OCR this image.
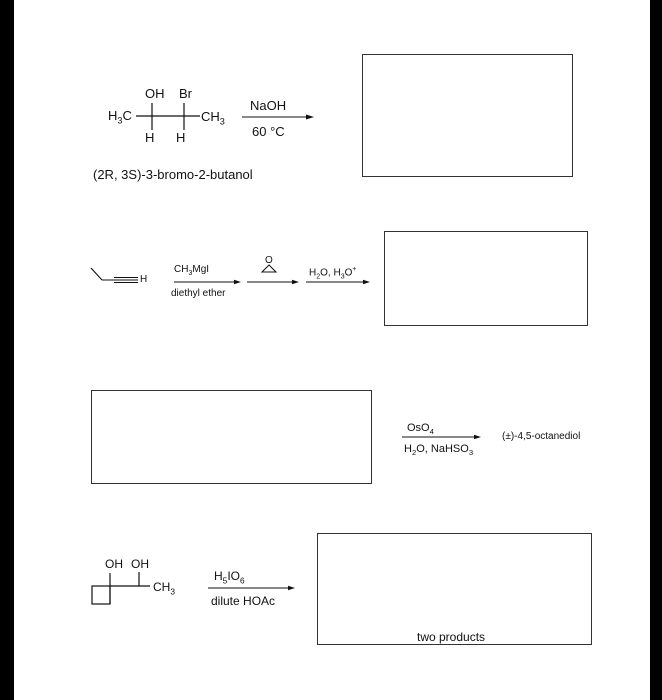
OH Br
$H_3C$	$CH_3$
H H
NaOH
60 °C
(2R, 3S)-3-bromo-2-butanol
H
$CH_3MgI$
diethyl ether
O
$H_2O$, $H_3O^+$
OsO$_4$
$H_2O$, NaHSO$_3$
(±)-4,5-octanediol
OH OH
$CH_3$
$H_5IO_6$
dilute HOAc
two products
